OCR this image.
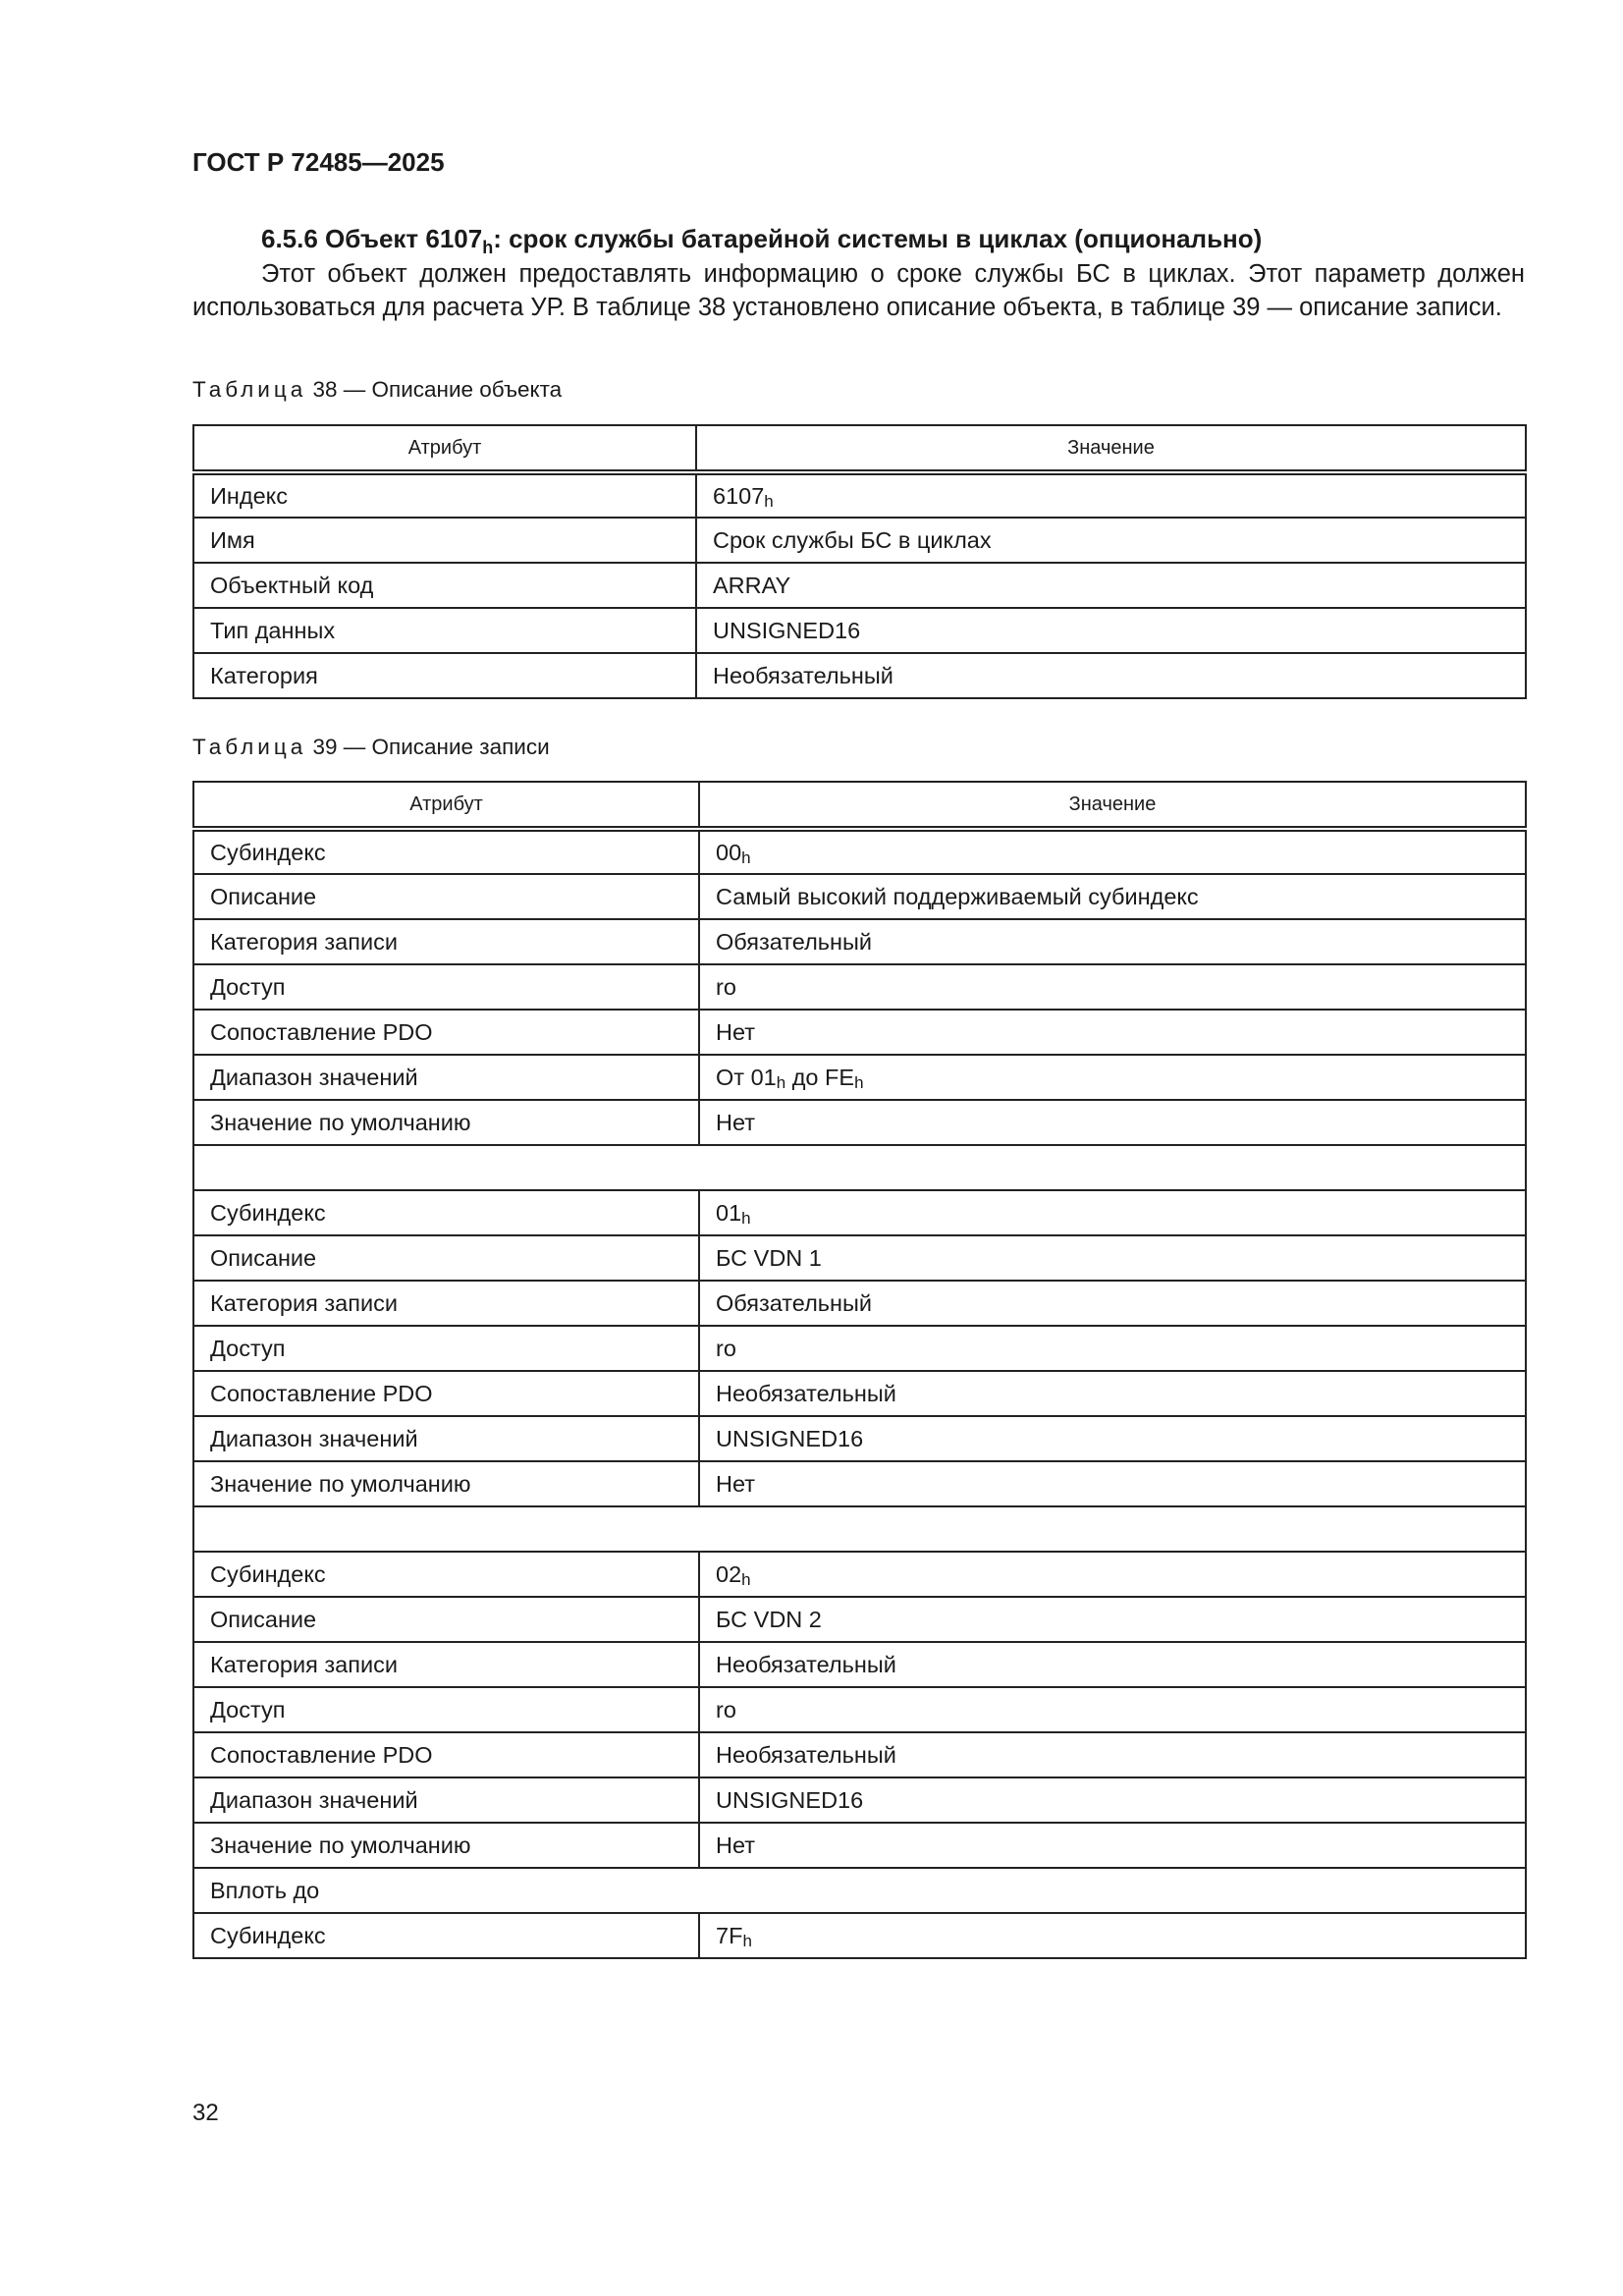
ГОСТ Р 72485—2025
6.5.6 Объект $6107_h$: срок службы батарейной системы в циклах (опционально)

Этот объект должен предоставлять информацию о сроке службы БС в циклах. Этот параметр должен использоваться для расчета УР. В таблице 38 установлено описание объекта, в таблице 39 — описание записи.

Таблица 38 — Описание объекта
Атрибут	Значение
Индекс	$6107_h$
Имя	Срок службы БС в циклах
Объектный код	ARRAY
Тип данных	UNSIGNED16
Категория	Необязательный
Таблица 39 — Описание записи
Атрибут	Значение
Субиндекс	$00_h$
Описание	Самый высокий поддерживаемый субиндекс
Категория записи	Обязательный
Доступ	ro
Сопоставление PDO	Нет
Диапазон значений	От $01_h$ до $FE_h$
Значение по умолчанию	Нет

Субиндекс	$01_h$
Описание	БС VDN 1
Категория записи	Обязательный
Доступ	ro
Сопоставление PDO	Необязательный
Диапазон значений	UNSIGNED16
Значение по умолчанию	Нет

Субиндекс	$02_h$
Описание	БС VDN 2
Категория записи	Необязательный
Доступ	ro
Сопоставление PDO	Необязательный
Диапазон значений	UNSIGNED16
Значение по умолчанию	Нет
Вплоть до	
Субиндекс	$7F_h$
32
